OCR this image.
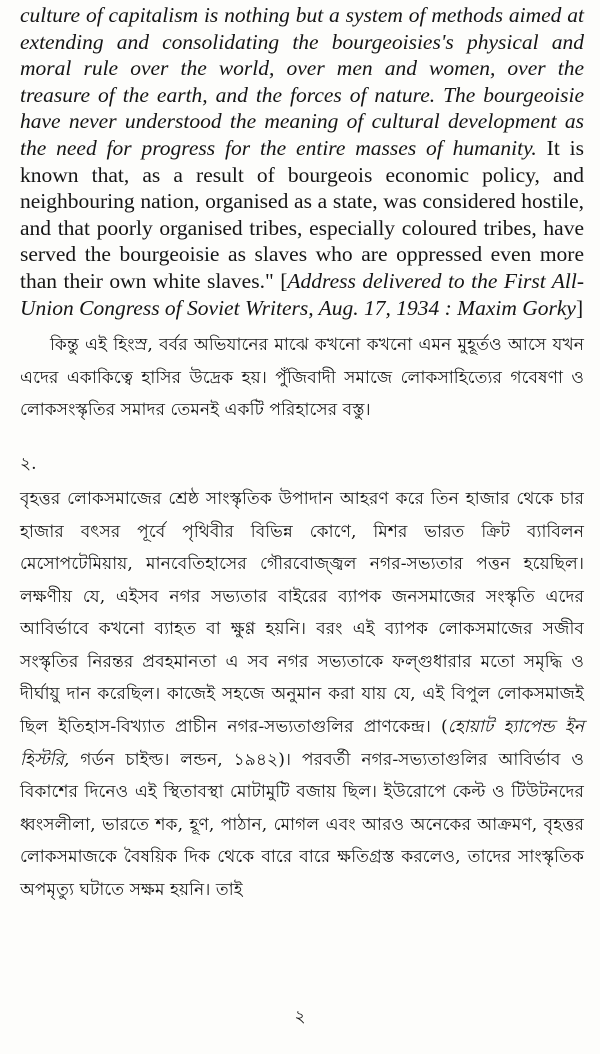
culture of capitalism is nothing but a system of methods aimed at extending and consolidating the bourgeoisies's physical and moral rule over the world, over men and women, over the treasure of the earth, and the forces of nature. The bourgeoisie have never understood the meaning of cultural development as the need for progress for the entire masses of humanity. It is known that, as a result of bourgeois economic policy, and neighbouring nation, organised as a state, was considered hostile, and that poorly organised tribes, especially coloured tribes, have served the bourgeoisie as slaves who are oppressed even more than their own white slaves." [Address delivered to the First All-Union Congress of Soviet Writers, Aug. 17, 1934 : Maxim Gorky]

কিন্তু এই হিংস্র, বর্বর অভিযানের মাঝে কখনো কখনো এমন মুহূর্তও আসে যখন এদের একাকিত্বে হাসির উদ্রেক হয়। পুঁজিবাদী সমাজে লোকসাহিত্যের গবেষণা ও লোকসংস্কৃতির সমাদর তেমনই একটি পরিহাসের বস্তু।

২.

বৃহত্তর লোকসমাজের শ্রেষ্ঠ সাংস্কৃতিক উপাদান আহরণ করে তিন হাজার থেকে চার হাজার বৎসর পূর্বে পৃথিবীর বিভিন্ন কোণে, মিশর ভারত ক্রিট ব্যাবিলন মেসোপটেমিয়ায়, মানবেতিহাসের গৌরবোজ্জ্বল নগর-সভ্যতার পত্তন হয়েছিল। লক্ষণীয় যে, এইসব নগর সভ্যতার বাইরের ব্যাপক জনসমাজের সংস্কৃতি এদের আবির্ভাবে কখনো ব্যাহত বা ক্ষুণ্ণ হয়নি। বরং এই ব্যাপক লোকসমাজের সজীব সংস্কৃতির নিরন্তর প্রবহমানতা এ সব নগর সভ্যতাকে ফল্গুধারার মতো সমৃদ্ধি ও দীর্ঘায়ু দান করেছিল। কাজেই সহজে অনুমান করা যায় যে, এই বিপুল লোকসমাজই ছিল ইতিহাস-বিখ্যাত প্রাচীন নগর-সভ্যতাগুলির প্রাণকেন্দ্র। (হোয়াট হ্যাপেন্ড ইন হিস্টরি, গর্ডন চাইল্ড। লন্ডন, ১৯৪২)। পরবর্তী নগর-সভ্যতাগুলির আবির্ভাব ও বিকাশের দিনেও এই স্থিতাবস্থা মোটামুটি বজায় ছিল। ইউরোপে কেল্ট ও টিউটনদের ধ্বংসলীলা, ভারতে শক, হূণ, পাঠান, মোগল এবং আরও অনেকের আক্রমণ, বৃহত্তর লোকসমাজকে বৈষয়িক দিক থেকে বারে বারে ক্ষতিগ্রস্ত করলেও, তাদের সাংস্কৃতিক অপমৃত্যু ঘটাতে সক্ষম হয়নি। তাই

২
